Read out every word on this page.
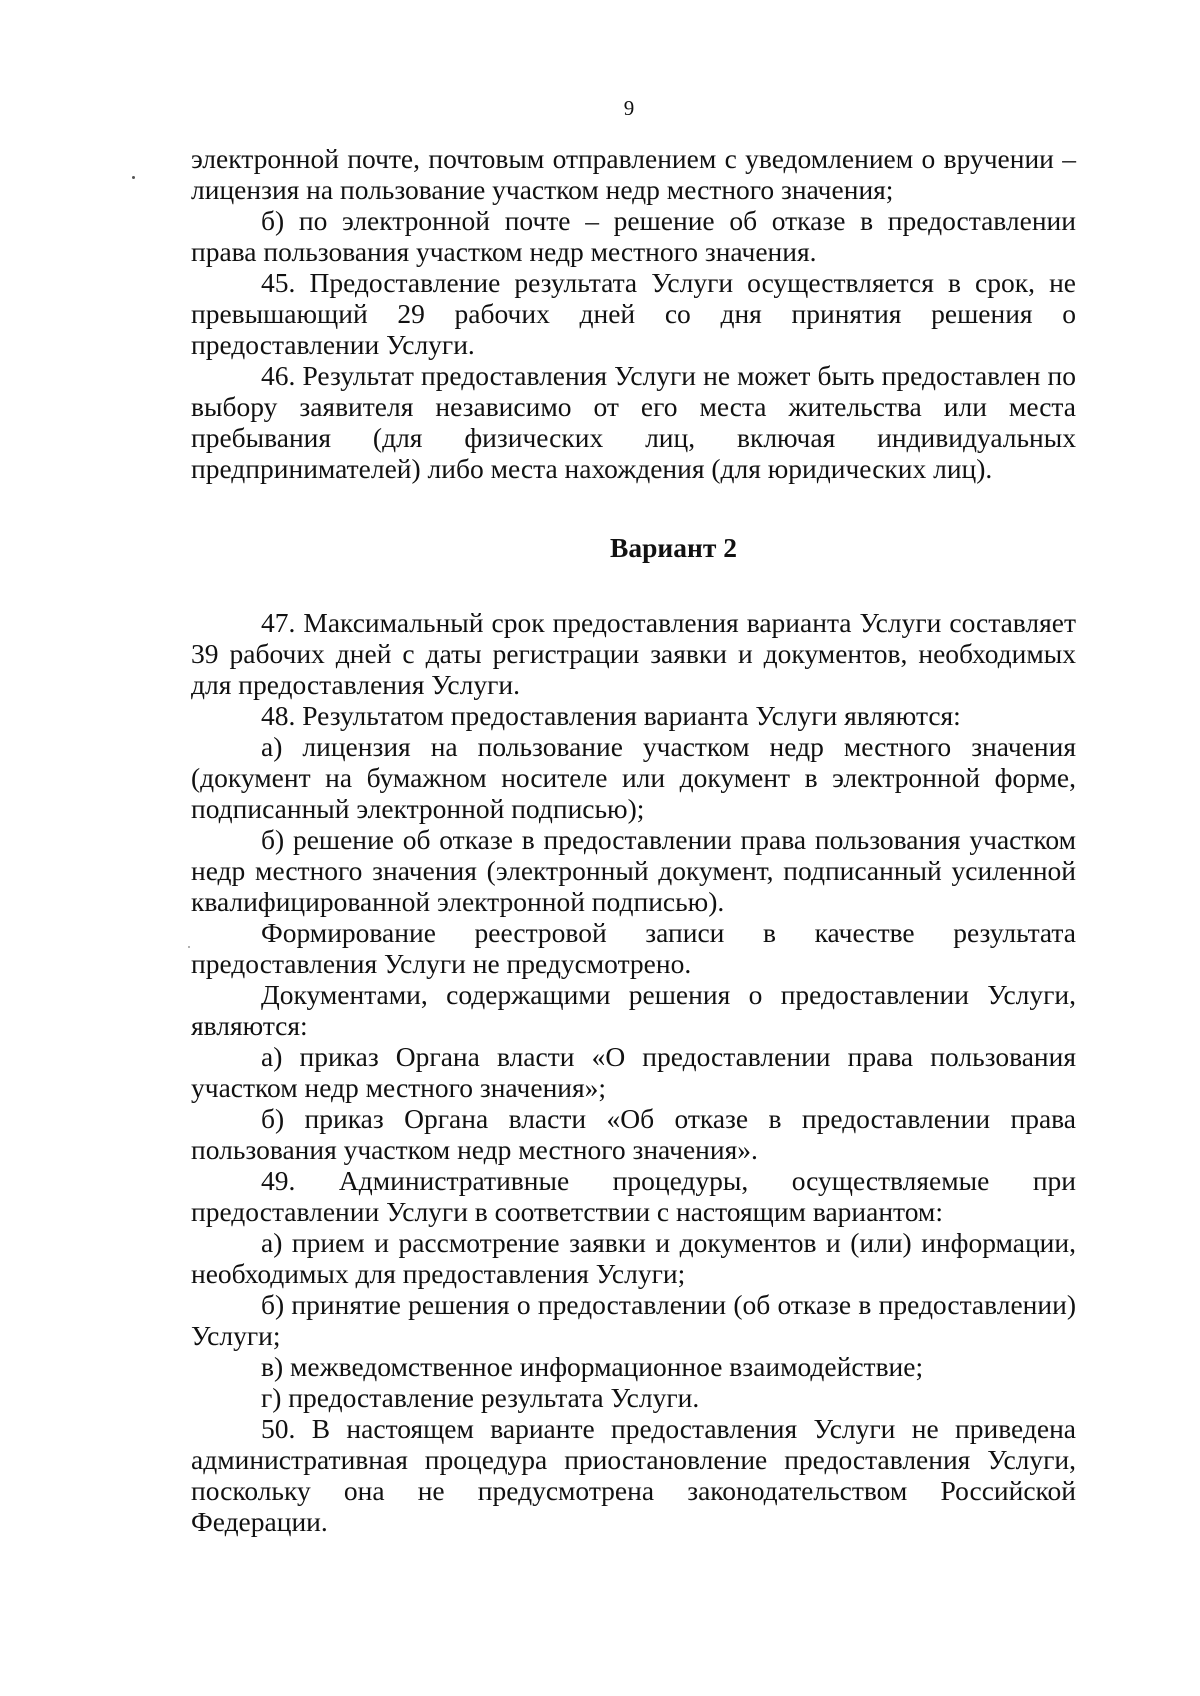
9

электронной почте, почтовым отправлением с уведомлением о вручении – лицензия на пользование участком недр местного значения;

б) по электронной почте – решение об отказе в предоставлении права пользования участком недр местного значения.

45. Предоставление результата Услуги осуществляется в срок, не превышающий 29 рабочих дней со дня принятия решения о предоставлении Услуги.

46. Результат предоставления Услуги не может быть предоставлен по выбору заявителя независимо от его места жительства или места пребывания (для физических лиц, включая индивидуальных предпринимателей) либо места нахождения (для юридических лиц).

Вариант 2

47. Максимальный срок предоставления варианта Услуги составляет 39 рабочих дней с даты регистрации заявки и документов, необходимых для предоставления Услуги.

48. Результатом предоставления варианта Услуги являются:

а) лицензия на пользование участком недр местного значения (документ на бумажном носителе или документ в электронной форме, подписанный электронной подписью);

б) решение об отказе в предоставлении права пользования участком недр местного значения (электронный документ, подписанный усиленной квалифицированной электронной подписью).

Формирование реестровой записи в качестве результата предоставления Услуги не предусмотрено.

Документами, содержащими решения о предоставлении Услуги, являются:

а) приказ Органа власти «О предоставлении права пользования участком недр местного значения»;

б) приказ Органа власти «Об отказе в предоставлении права пользования участком недр местного значения».

49. Административные процедуры, осуществляемые при предоставлении Услуги в соответствии с настоящим вариантом:

а) прием и рассмотрение заявки и документов и (или) информации, необходимых для предоставления Услуги;

б) принятие решения о предоставлении (об отказе в предоставлении) Услуги;

в) межведомственное информационное взаимодействие;

г) предоставление результата Услуги.

50. В настоящем варианте предоставления Услуги не приведена административная процедура приостановление предоставления Услуги, поскольку она не предусмотрена законодательством Российской Федерации.
